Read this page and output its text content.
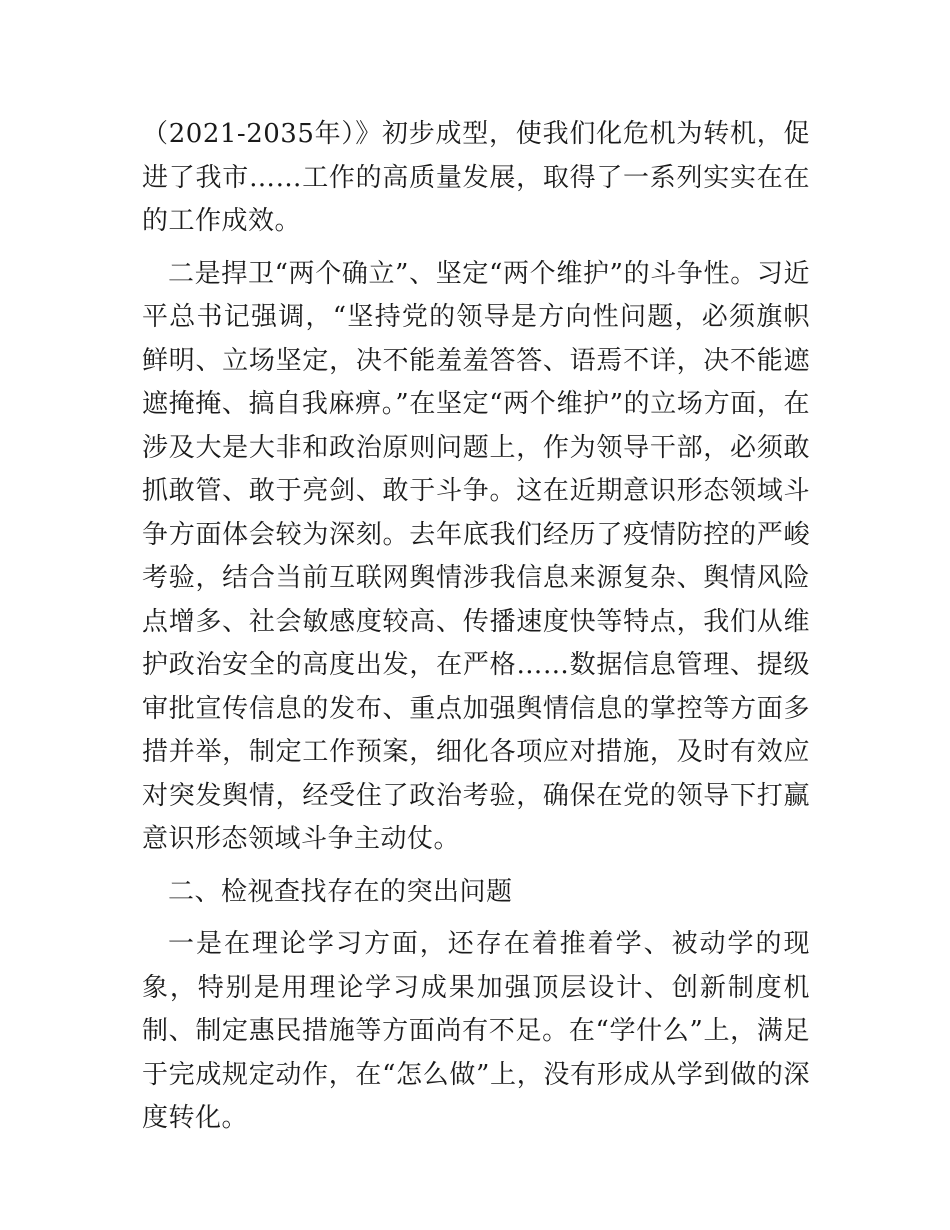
（2021-2035年）》初步成型，使我们化危机为转机，促进了我市……工作的高质量发展，取得了一系列实实在在的工作成效。

二是捍卫“两个确立”、坚定“两个维护”的斗争性。习近平总书记强调，“坚持党的领导是方向性问题，必须旗帜鲜明、立场坚定，决不能羞羞答答、语焉不详，决不能遮遮掩掩、搞自我麻痹。”在坚定“两个维护”的立场方面，在涉及大是大非和政治原则问题上，作为领导干部，必须敢抓敢管、敢于亮剑、敢于斗争。这在近期意识形态领域斗争方面体会较为深刻。去年底我们经历了疫情防控的严峻考验，结合当前互联网舆情涉我信息来源复杂、舆情风险点增多、社会敏感度较高、传播速度快等特点，我们从维护政治安全的高度出发，在严格……数据信息管理、提级审批宣传信息的发布、重点加强舆情信息的掌控等方面多措并举，制定工作预案，细化各项应对措施，及时有效应对突发舆情，经受住了政治考验，确保在党的领导下打赢意识形态领域斗争主动仗。

二、检视查找存在的突出问题

一是在理论学习方面，还存在着推着学、被动学的现象，特别是用理论学习成果加强顶层设计、创新制度机制、制定惠民措施等方面尚有不足。在“学什么”上，满足于完成规定动作，在“怎么做”上，没有形成从学到做的深度转化。
